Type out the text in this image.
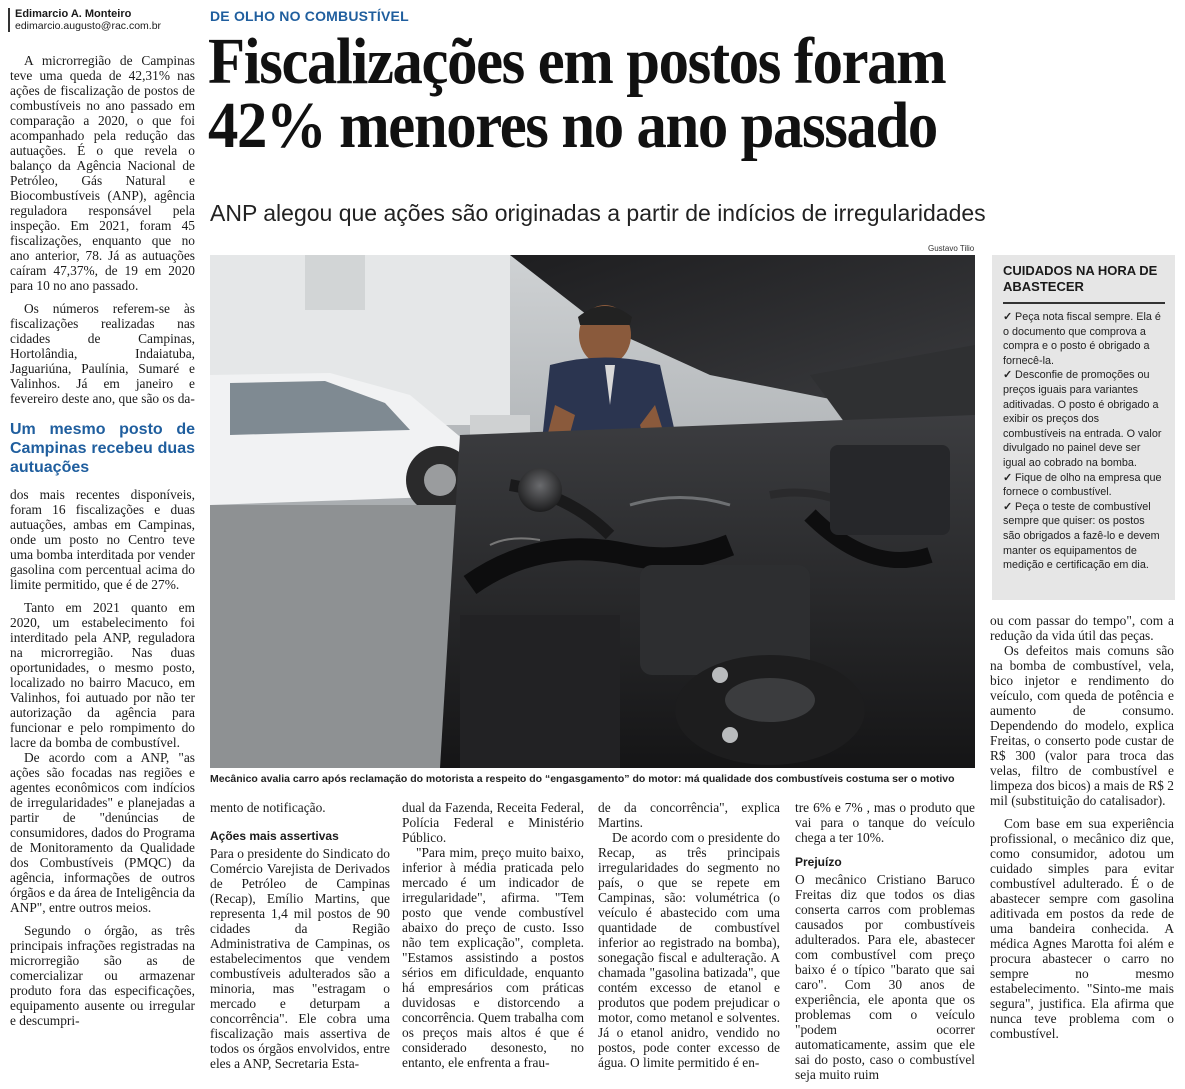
Edimarcio A. Monteiro
edimarcio.augusto@rac.com.br
DE OLHO NO COMBUSTÍVEL
Fiscalizações em postos foram
42% menores no ano passado
ANP alegou que ações são originadas a partir de indícios de irregularidades
Gustavo Tilio
Mecânico avalia carro após reclamação do motorista a respeito do “engasgamento” do motor: má qualidade dos combustíveis costuma ser o motivo

A microrregião de Campinas teve uma queda de 42,31% nas ações de fiscalização de postos de combustíveis no ano passado em comparação a 2020, o que foi acompanhado pela redução das autuações. É o que revela o balanço da Agência Nacional de Petróleo, Gás Natural e Biocombustíveis (ANP), agência reguladora responsável pela inspeção. Em 2021, foram 45 fiscalizações, enquanto que no ano anterior, 78. Já as autuações caíram 47,37%, de 19 em 2020 para 10 no ano passado.

Os números referem-se às fiscalizações realizadas nas cidades de Campinas, Hortolândia, Indaiatuba, Jaguariúna, Paulínia, Sumaré e Valinhos. Já em janeiro e fevereiro deste ano, que são os da-

Um mesmo posto de Campinas recebeu duas autuações

dos mais recentes disponíveis, foram 16 fiscalizações e duas autuações, ambas em Campinas, onde um posto no Centro teve uma bomba interditada por vender gasolina com percentual acima do limite permitido, que é de 27%.

Tanto em 2021 quanto em 2020, um estabelecimento foi interditado pela ANP, reguladora na microrregião. Nas duas oportunidades, o mesmo posto, localizado no bairro Macuco, em Valinhos, foi autuado por não ter autorização da agência para funcionar e pelo rompimento do lacre da bomba de combustível.

De acordo com a ANP, "as ações são focadas nas regiões e agentes econômicos com indícios de irregularidades" e planejadas a partir de "denúncias de consumidores, dados do Programa de Monitoramento da Qualidade dos Combustíveis (PMQC) da agência, informações de outros órgãos e da área de Inteligência da ANP", entre outros meios.

Segundo o órgão, as três principais infrações registradas na microrregião são as de comercializar ou armazenar produto fora das especificações, equipamento ausente ou irregular e descumpri-

mento de notificação.

Ações mais assertivas

Para o presidente do Sindicato do Comércio Varejista de Derivados de Petróleo de Campinas (Recap), Emílio Martins, que representa 1,4 mil postos de 90 cidades da Região Administrativa de Campinas, os estabelecimentos que vendem combustíveis adulterados são a minoria, mas "estragam o mercado e deturpam a concorrência". Ele cobra uma fiscalização mais assertiva de todos os órgãos envolvidos, entre eles a ANP, Secretaria Esta-

dual da Fazenda, Receita Federal, Polícia Federal e Ministério Público.

"Para mim, preço muito baixo, inferior à média praticada pelo mercado é um indicador de irregularidade", afirma. "Tem posto que vende combustível abaixo do preço de custo. Isso não tem explicação", completa. "Estamos assistindo a postos sérios em dificuldade, enquanto há empresários com práticas duvidosas e distorcendo a concorrência. Quem trabalha com os preços mais altos é que é considerado desonesto, no entanto, ele enfrenta a frau-

de da concorrência", explica Martins.

De acordo com o presidente do Recap, as três principais irregularidades do segmento no país, o que se repete em Campinas, são: volumétrica (o veículo é abastecido com uma quantidade de combustível inferior ao registrado na bomba), sonegação fiscal e adulteração. A chamada "gasolina batizada", que contém excesso de etanol e produtos que podem prejudicar o motor, como metanol e solventes. Já o etanol anidro, vendido no postos, pode conter excesso de água. O limite permitido é en-

tre 6% e 7% , mas o produto que vai para o tanque do veículo chega a ter 10%.

Prejuízo

O mecânico Cristiano Baruco Freitas diz que todos os dias conserta carros com problemas causados por combustíveis adulterados. Para ele, abastecer com combustível com preço baixo é o típico "barato que sai caro". Com 30 anos de experiência, ele aponta que os problemas com o veículo "podem ocorrer automaticamente, assim que ele sai do posto, caso o combustível seja muito ruim

CUIDADOS NA HORA DE ABASTECER
✓ Peça nota fiscal sempre. Ela é o documento que comprova a compra e o posto é obrigado a fornecê-la.
✓ Desconfie de promoções ou preços iguais para variantes aditivadas. O posto é obrigado a exibir os preços dos combustíveis na entrada. O valor divulgado no painel deve ser igual ao cobrado na bomba.
✓ Fique de olho na empresa que fornece o combustível.
✓ Peça o teste de combustível sempre que quiser: os postos são obrigados a fazê-lo e devem manter os equipamentos de medição e certificação em dia.

ou com passar do tempo", com a redução da vida útil das peças.

Os defeitos mais comuns são na bomba de combustível, vela, bico injetor e rendimento do veículo, com queda de potência e aumento de consumo. Dependendo do modelo, explica Freitas, o conserto pode custar de R$ 300 (valor para troca das velas, filtro de combustível e limpeza dos bicos) a mais de R$ 2 mil (substituição do catalisador).

Com base em sua experiência profissional, o mecânico diz que, como consumidor, adotou um cuidado simples para evitar combustível adulterado. É o de abastecer sempre com gasolina aditivada em postos da rede de uma bandeira conhecida. A médica Agnes Marotta foi além e procura abastecer o carro no sempre no mesmo estabelecimento. "Sinto-me mais segura", justifica. Ela afirma que nunca teve problema com o combustível.
